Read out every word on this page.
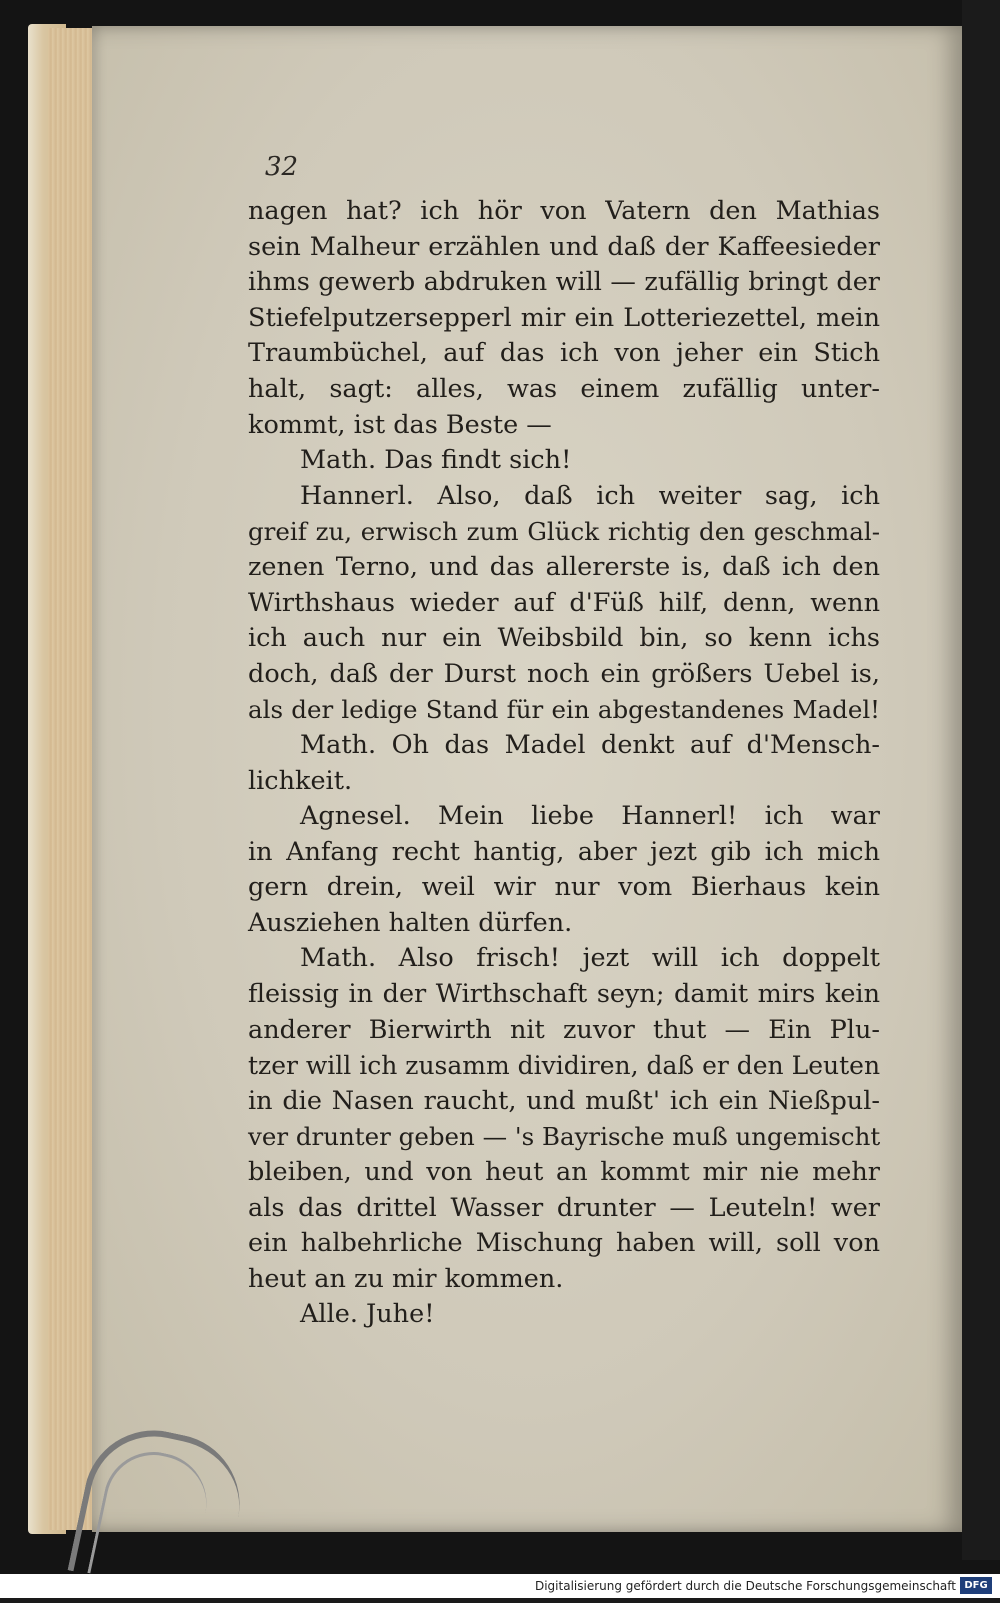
32
nagen hat? ich hör von Vatern den Mathias
sein Malheur erzählen und daß der Kaffeesieder
ihms gewerb abdruken will — zufällig bringt der
Stiefelputzersepperl mir ein Lotteriezettel, mein
Traumbüchel, auf das ich von jeher ein Stich
halt, sagt: alles, was einem zufällig unter-
kommt, ist das Beste —
Math. Das findt sich!
Hannerl. Also, daß ich weiter sag, ich
greif zu, erwisch zum Glück richtig den geschmal-
zenen Terno, und das allererste is, daß ich den
Wirthshaus wieder auf d'Füß hilf, denn, wenn
ich auch nur ein Weibsbild bin, so kenn ichs
doch, daß der Durst noch ein größers Uebel is,
als der ledige Stand für ein abgestandenes Madel!
Math. Oh das Madel denkt auf d'Mensch-
lichkeit.
Agnesel. Mein liebe Hannerl! ich war
in Anfang recht hantig, aber jezt gib ich mich
gern drein, weil wir nur vom Bierhaus kein
Ausziehen halten dürfen.
Math. Also frisch! jezt will ich doppelt
fleissig in der Wirthschaft seyn; damit mirs kein
anderer Bierwirth nit zuvor thut — Ein Plu-
tzer will ich zusamm dividiren, daß er den Leuten
in die Nasen raucht, und mußt' ich ein Nießpul-
ver drunter geben — 's Bayrische muß ungemischt
bleiben, und von heut an kommt mir nie mehr
als das drittel Wasser drunter — Leuteln! wer
ein halbehrliche Mischung haben will, soll von
heut an zu mir kommen.
Alle. Juhe!
Digitalisierung gefördert durch die Deutsche Forschungsgemeinschaft DFG
